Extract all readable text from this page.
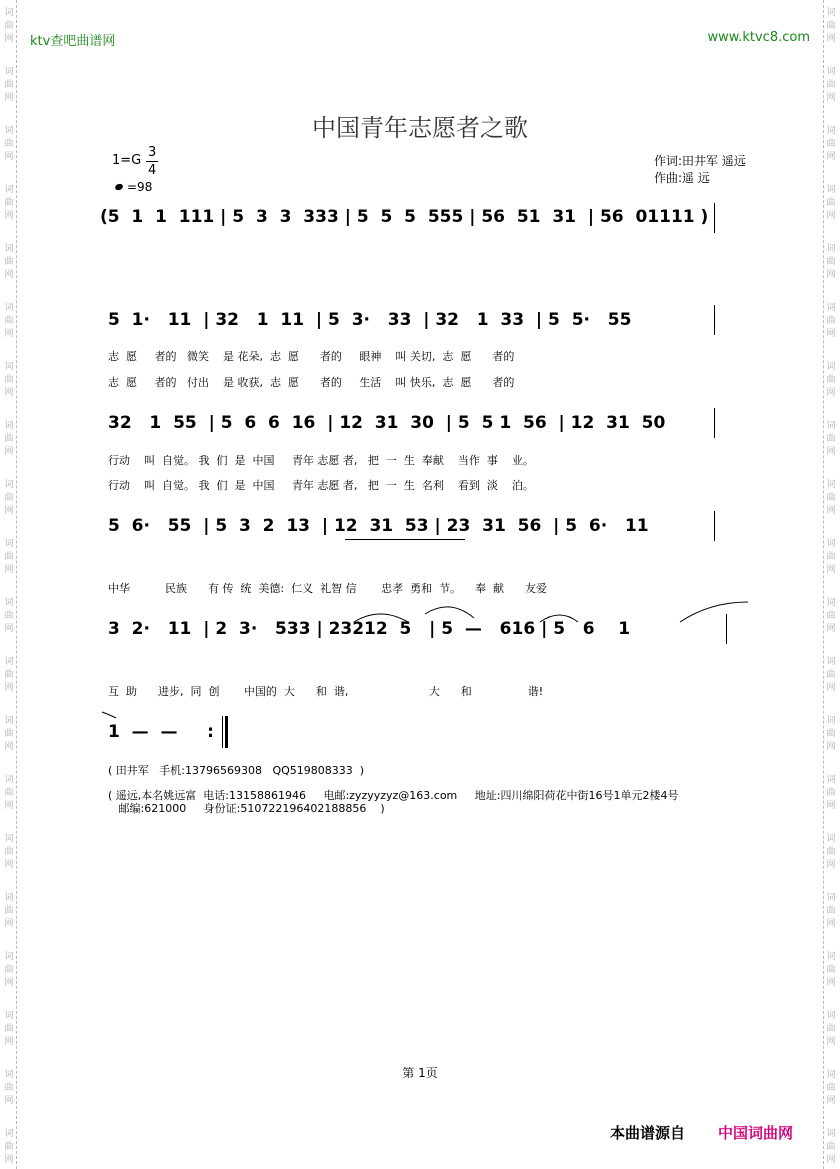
词
曲
网
词
曲
网
词
曲
网
词
曲
网
词
曲
网
词
曲
网
词
曲
网
词
曲
网
词
曲
网
词
曲
网
词
曲
网
词
曲
网
词
曲
网
词
曲
网
词
曲
网
词
曲
网
词
曲
网
词
曲
网
词
曲
网
词
曲
网
词
曲
网
词
曲
网
词
曲
网
词
曲
网
词
曲
网
词
曲
网
词
曲
网
词
曲
网
词
曲
网
词
曲
网
词
曲
网
词
曲
网
词
曲
网
词
曲
网
词
曲
网
词
曲
网
词
曲
网
词
曲
网
词
曲
网
词
曲
网
ktv查吧曲谱网	www.ktvc8.com
中国青年志愿者之歌
1=G
3
4
=98
作词:田井军 遥远
作曲:遥 远
(5  1  1  111 | 5  3  3  333 | 5  5  5  555 | 56  51  31  | 56  01111 )
5  1·   11  | 32   1  11  | 5  3·   33  | 32   1  33  | 5  5·   55
志  愿     者的   微笑    是 花朵,  志  愿      者的     眼神    叫 关切,  志  愿      者的
志  愿     者的   付出    是 收获,  志  愿      者的     生活    叫 快乐,  志  愿      者的
32   1  55  | 5  6  6  16  | 12  31  30  | 5  5 1  56  | 12  31  50
行动    叫  自觉。 我  们  是  中国     青年 志愿 者,   把  一  生  奉献    当作  事    业。
行动    叫  自觉。 我  们  是  中国     青年 志愿 者,   把  一  生  名利    看到  淡    泊。
5  6·   55  | 5  3  2  13  | 12  31  53 | 23  31  56  | 5  6·   11
中华          民族      有 传  统  美德:  仁义  礼智 信       忠孝  勇和  节。    奉  献      友爱
3  2·   11  | 2  3·   533 | 23212  5   | 5  —   616 | 5   6    1
互  助      进步,  同  创       中国的  大      和  谐,                       大      和                谐!
1  —  —     :
( 田井军   手机:13796569308   QQ519808333  )
( 遥远,本名姚远富  电话:13158861946     电邮:zyzyyzyz@163.com     地址:四川绵阳荷花中街16号1单元2楼4号
邮编:621000     身份证:510722196402188856    )
第 1页
本曲谱源自 中国词曲网
